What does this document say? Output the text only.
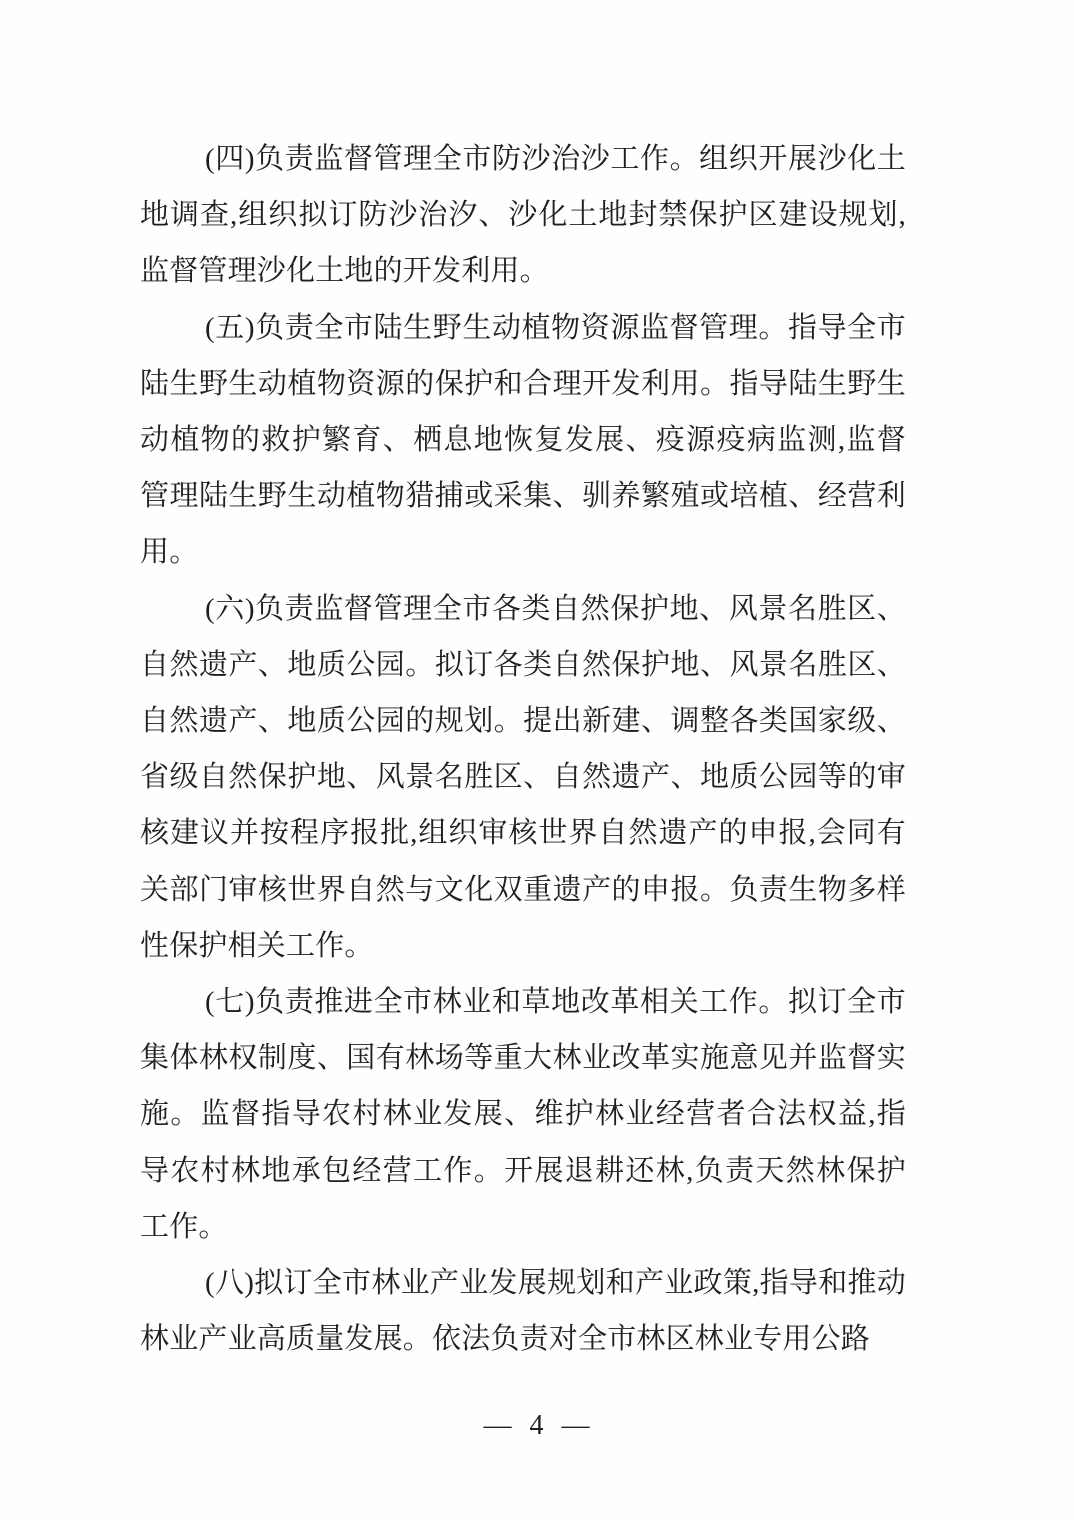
(四)负责监督管理全市防沙治沙工作。组织开展沙化土地调查,组织拟订防沙治汐、沙化土地封禁保护区建设规划,监督管理沙化土地的开发利用。

(五)负责全市陆生野生动植物资源监督管理。指导全市陆生野生动植物资源的保护和合理开发利用。指导陆生野生动植物的救护繁育、栖息地恢复发展、疫源疫病监测,监督管理陆生野生动植物猎捕或采集、驯养繁殖或培植、经营利用。

(六)负责监督管理全市各类自然保护地、风景名胜区、自然遗产、地质公园。拟订各类自然保护地、风景名胜区、自然遗产、地质公园的规划。提出新建、调整各类国家级、省级自然保护地、风景名胜区、自然遗产、地质公园等的审核建议并按程序报批,组织审核世界自然遗产的申报,会同有关部门审核世界自然与文化双重遗产的申报。负责生物多样性保护相关工作。

(七)负责推进全市林业和草地改革相关工作。拟订全市集体林权制度、国有林场等重大林业改革实施意见并监督实施。监督指导农村林业发展、维护林业经营者合法权益,指导农村林地承包经营工作。开展退耕还林,负责天然林保护工作。

(八)拟订全市林业产业发展规划和产业政策,指导和推动林业产业高质量发展。依法负责对全市林区林业专用公路

— 4 —
